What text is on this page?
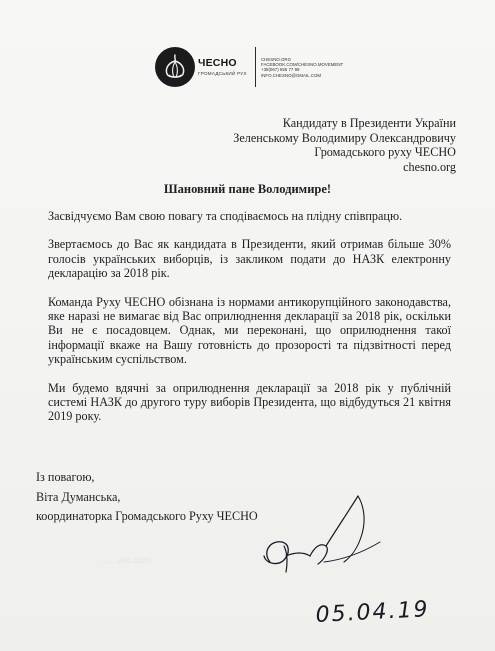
ЧЕСНО
ГРОМАДСЬКИЙ РУХ
CHESNO.ORG
FACEBOOK.COM/CHESNO.MOVEMENT
+38(067) 656 77 98
INFO.CHESNO@GMAIL.COM
Кандидату в Президенти України
Зеленському Володимиру Олександровичу
Громадського руху ЧЕСНО
chesno.org
Шановний пане Володимире!

Засвідчуємо Вам свою повагу та сподіваємось на плідну співпрацю.

Звертаємось до Вас як кандидата в Президенти, який отримав більше 30% голосів українських виборців, із закликом подати до НАЗК електронну декларацію за 2018 рік.

Команда Руху ЧЕСНО обізнана із нормами антикорупційного законодавства, яке наразі не вимагає від Вас оприлюднення декларації за 2018 рік, оскільки Ви не є посадовцем. Однак, ми переконані, що оприлюднення такої інформації вкаже на Вашу готовність до прозорості та підзвітності перед українським суспільством.

Ми будемо вдячні за оприлюднення декларації за 2018 рік у публічній системі НАЗК до другого туру виборів Президента, що відбудуться 21 квітня 2019 року.

Із повагою,
Віта Думанська,
координаторка Громадського Руху ЧЕСНО
........ard.com
05.04.19
